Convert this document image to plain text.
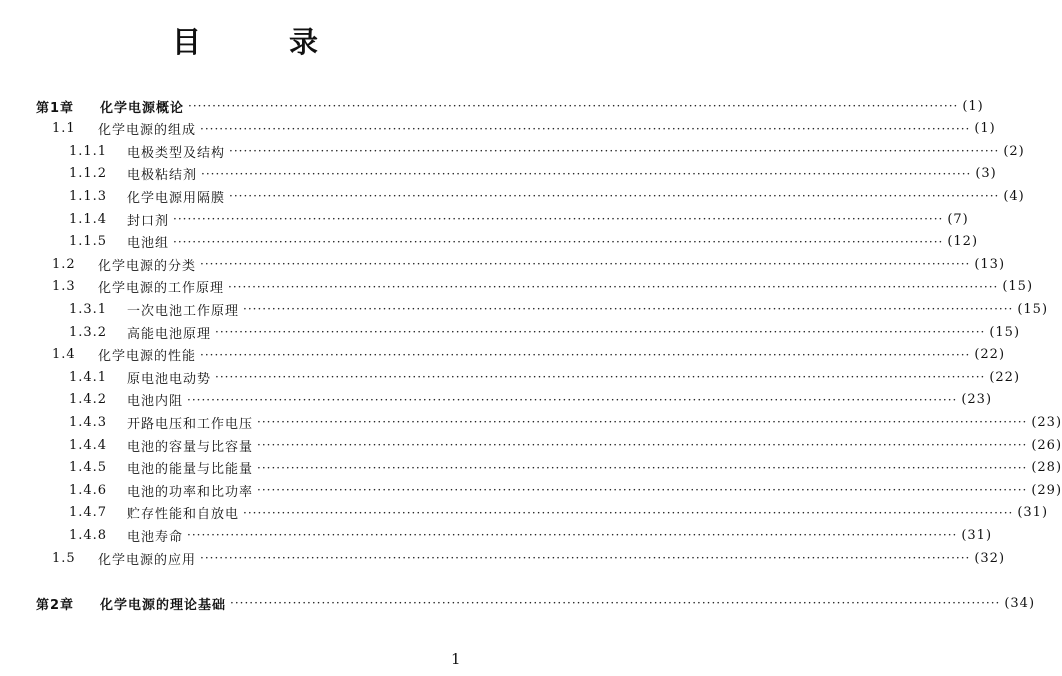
目	录
第1章	化学电源概论 ································································································································································ (1)
1.1	化学电源的组成 ································································································································································ (1)
1.1.1	电极类型及结构 ································································································································································ (2)
1.1.2	电极粘结剂 ································································································································································ (3)
1.1.3	化学电源用隔膜 ································································································································································ (4)
1.1.4	封口剂 ································································································································································ (7)
1.1.5	电池组 ································································································································································ (12)
1.2	化学电源的分类 ································································································································································ (13)
1.3	化学电源的工作原理 ································································································································································ (15)
1.3.1	一次电池工作原理 ································································································································································ (15)
1.3.2	高能电池原理 ································································································································································ (15)
1.4	化学电源的性能 ································································································································································ (22)
1.4.1	原电池电动势 ································································································································································ (22)
1.4.2	电池内阻 ································································································································································ (23)
1.4.3	开路电压和工作电压 ································································································································································ (23)
1.4.4	电池的容量与比容量 ································································································································································ (26)
1.4.5	电池的能量与比能量 ································································································································································ (28)
1.4.6	电池的功率和比功率 ································································································································································ (29)
1.4.7	贮存性能和自放电 ································································································································································ (31)
1.4.8	电池寿命 ································································································································································ (31)
1.5	化学电源的应用 ································································································································································ (32)
第2章	化学电源的理论基础 ································································································································································ (34)
1
